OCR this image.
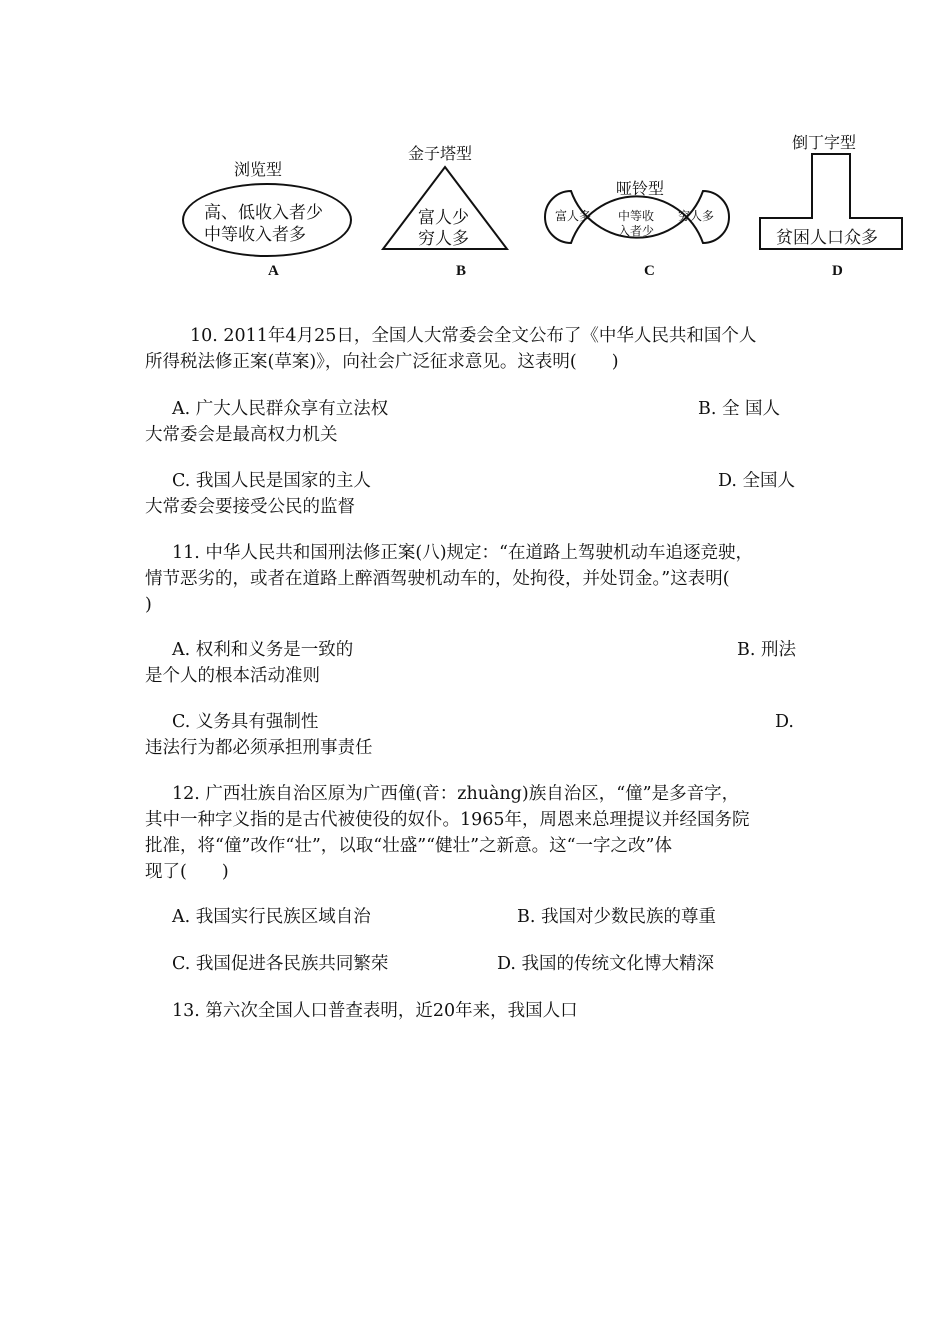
浏览型
高、低收入者少
中等收入者多
A
金子塔型
富人少
穷人多
B
哑铃型
富人多 中等收
入者少
穷人多
C
倒丁字型
贫困人口众多
D
10. 2011年4月25日，全国人大常委会全文公布了《中华人民共和国个人
所得税法修正案(草案)》，向社会广泛征求意见。这表明(　　)
A. 广大人民群众享有立法权	B. 全 国人
大常委会是最高权力机关
C. 我国人民是国家的主人	D. 全国人
大常委会要接受公民的监督
11. 中华人民共和国刑法修正案(八)规定：“在道路上驾驶机动车追逐竞驶，
情节恶劣的，或者在道路上醉酒驾驶机动车的，处拘役，并处罚金。”这表明(
)
A. 权利和义务是一致的	B. 刑法
是个人的根本活动准则
C. 义务具有强制性	D.
违法行为都必须承担刑事责任
12. 广西壮族自治区原为广西僮(音：zhuàng)族自治区，“僮”是多音字，
其中一种字义指的是古代被使役的奴仆。1965年，周恩来总理提议并经国务院
批准，将“僮”改作“壮”，以取“壮盛”“健壮”之新意。这“一字之改”体
现了(　　)
A. 我国实行民族区域自治	B. 我国对少数民族的尊重
C. 我国促进各民族共同繁荣	D. 我国的传统文化博大精深
13. 第六次全国人口普查表明，近20年来，我国人口
